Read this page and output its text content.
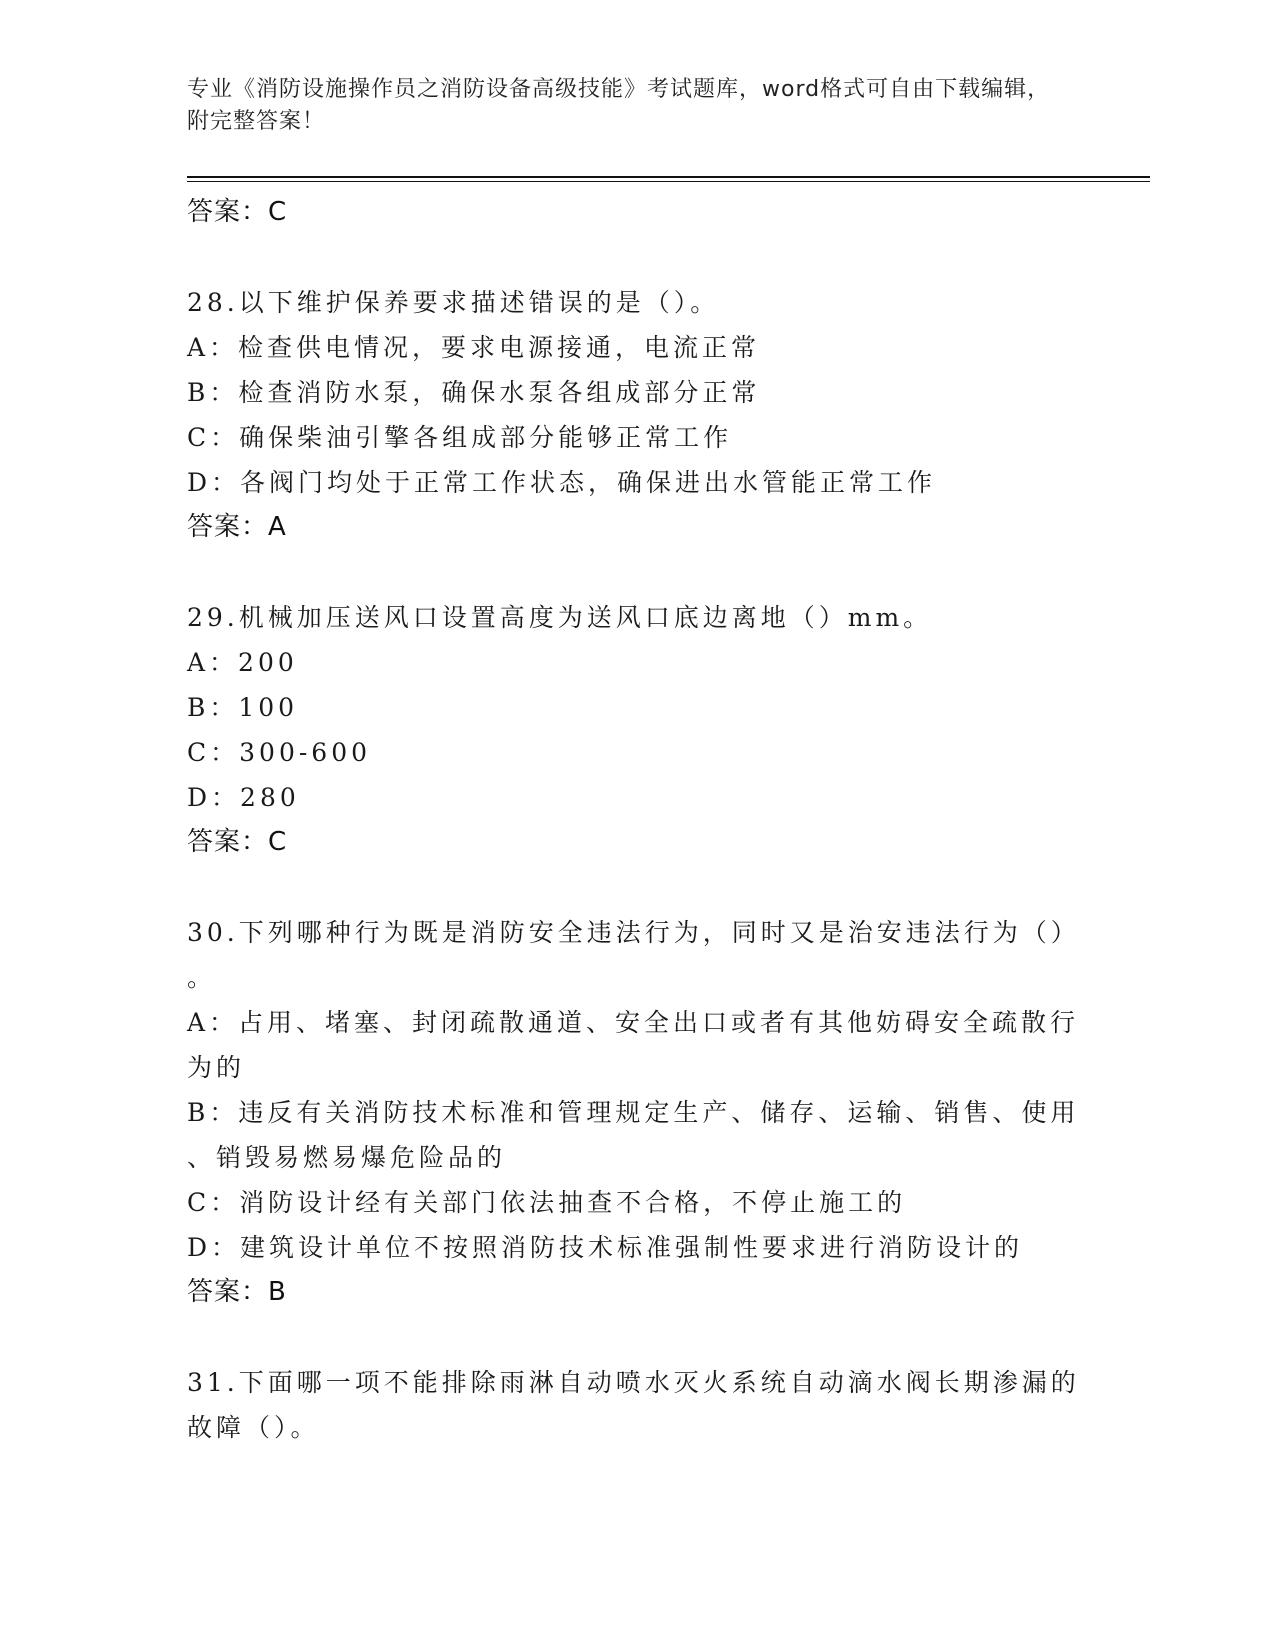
专业《消防设施操作员之消防设备高级技能》考试题库，word格式可自由下载编辑，附完整答案！
答案：C
28.以下维护保养要求描述错误的是（）。
A：检查供电情况，要求电源接通，电流正常
B：检查消防水泵，确保水泵各组成部分正常
C：确保柴油引擎各组成部分能够正常工作
D：各阀门均处于正常工作状态，确保进出水管能正常工作
答案：A
29.机械加压送风口设置高度为送风口底边离地（）mm。
A：200
B：100
C：300-600
D：280
答案：C
30.下列哪种行为既是消防安全违法行为，同时又是治安违法行为（）
。
A：占用、堵塞、封闭疏散通道、安全出口或者有其他妨碍安全疏散行
为的
B：违反有关消防技术标准和管理规定生产、储存、运输、销售、使用
、销毁易燃易爆危险品的
C：消防设计经有关部门依法抽查不合格，不停止施工的
D：建筑设计单位不按照消防技术标准强制性要求进行消防设计的
答案：B
31.下面哪一项不能排除雨淋自动喷水灭火系统自动滴水阀长期渗漏的
故障（）。
